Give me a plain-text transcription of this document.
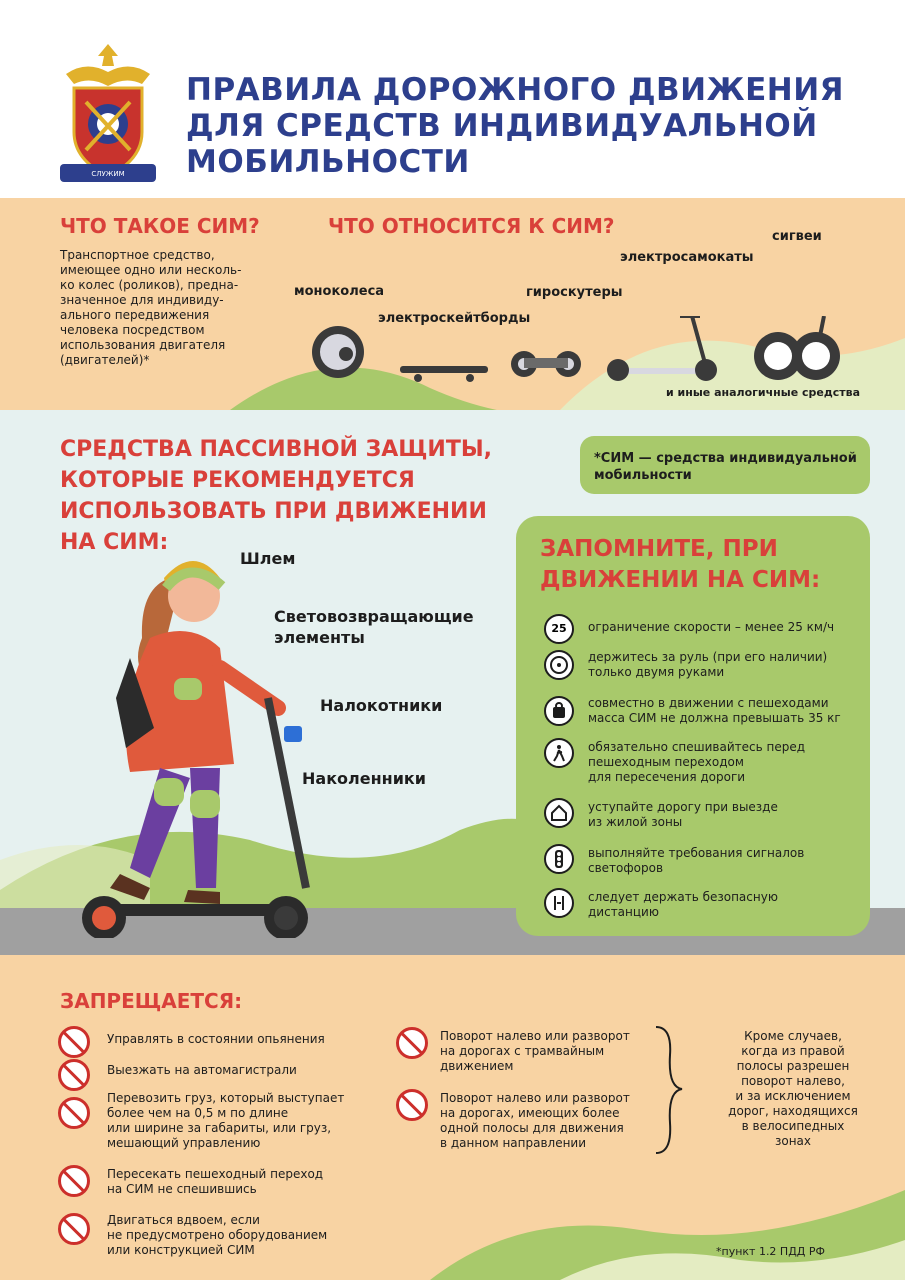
СЛУЖИМ
ПРАВИЛА ДОРОЖНОГО ДВИЖЕНИЯ
ДЛЯ СРЕДСТВ ИНДИВИДУАЛЬНОЙ
МОБИЛЬНОСТИ
ЧТО ТАКОЕ СИМ?	ЧТО ОТНОСИТСЯ К СИМ?
Транспортное средство,
имеющее одно или несколь-
ко колес (роликов), предна-
значенное для индивиду-
ального передвижения
человека посредством
использования двигателя
(двигателей)*
моноколеса
электроскейтборды
гироскутеры
электросамокаты
сигвеи
и иные аналогичные средства
СРЕДСТВА ПАССИВНОЙ ЗАЩИТЫ,
КОТОРЫЕ РЕКОМЕНДУЕТСЯ
ИСПОЛЬЗОВАТЬ ПРИ ДВИЖЕНИИ
НА СИМ:
*СИМ — средства индивидуальной
мобильности
Шлем
Световозвращающие
элементы
Налокотники
Наколенники
ЗАПОМНИТЕ, ПРИ
ДВИЖЕНИИ НА СИМ:
25	ограничение скорости – менее 25 км/ч
держитесь за руль (при его наличии)
только двумя руками
совместно в движении с пешеходами
масса СИМ не должна превышать 35 кг
обязательно спешивайтесь перед
пешеходным переходом
для пересечения дороги
уступайте дорогу при выезде
из жилой зоны
выполняйте требования сигналов
светофоров
следует держать безопасную
дистанцию
ЗАПРЕЩАЕТСЯ:
Управлять в состоянии опьянения
Выезжать на автомагистрали
Перевозить груз, который выступает
более чем на 0,5 м по длине
или ширине за габариты, или груз,
мешающий управлению
Пересекать пешеходный переход
на СИМ не спешившись
Двигаться вдвоем, если
не предусмотрено оборудованием
или конструкцией СИМ
Поворот налево или разворот
на дорогах с трамвайным
движением
Поворот налево или разворот
на дорогах, имеющих более
одной полосы для движения
в данном направлении
Кроме случаев,
когда из правой
полосы разрешен
поворот налево,
и за исключением
дорог, находящихся
в велосипедных
зонах
*пункт 1.2 ПДД РФ
